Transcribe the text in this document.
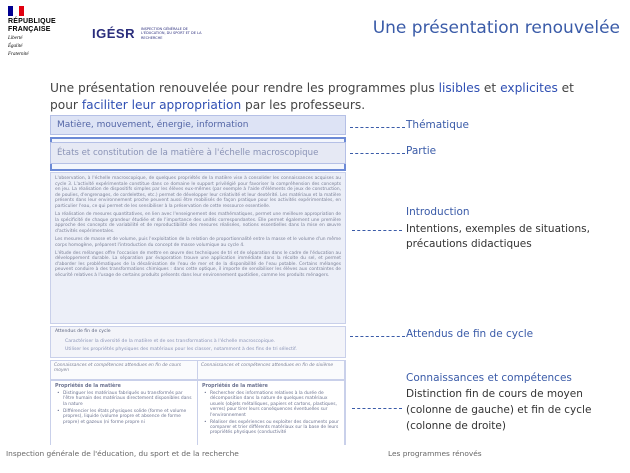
RÉPUBLIQUE
FRANÇAISE
Liberté
Égalité
Fraternité
IGÉSR INSPECTION GÉNÉRALE DE L'ÉDUCATION, DU SPORT ET DE LA RECHERCHE	Une présentation renouvelée
Une présentation renouvelée pour rendre les programmes plus lisibles et explicites et pour faciliter leur appropriation par les professeurs.
Matière, mouvement, énergie, information
États et constitution de la matière à l'échelle macroscopique

L'observation, à l'échelle macroscopique, de quelques propriétés de la matière vise à consolider les connaissances acquises au cycle 3. L'activité expérimentale constitue dans ce domaine le support privilégié pour favoriser la compréhension des concepts en jeu. La réalisation de dispositifs simples par les élèves eux-mêmes (par exemple à l'aide d'éléments de jeux de construction, de poulies, d'engrenages, de cordelettes, etc.) permet de développer leur créativité et leur dextérité. Les matériaux et la matière présents dans leur environnement proche peuvent aussi être mobilisés de façon pratique pour les activités expérimentales, en particulier l'eau, ce qui permet de les sensibiliser à la préservation de cette ressource essentielle.

La réalisation de mesures quantitatives, en lien avec l'enseignement des mathématiques, permet une meilleure appropriation de la spécificité de chaque grandeur étudiée et de l'importance des unités correspondantes. Elle permet également une première approche des concepts de variabilité et de reproductibilité des mesures réalisées, notions essentielles dans la mise en œuvre d'activités expérimentales.

Les mesures de masse et de volume, puis l'exploitation de la relation de proportionnalité entre la masse et le volume d'un même corps homogène, préparent l'introduction du concept de masse volumique au cycle 4.

L'étude des mélanges offre l'occasion de mettre en œuvre des techniques de tri et de séparation dans le cadre de l'éducation au développement durable. La séparation par évaporation trouve une application immédiate dans la récolte du sel, et permet d'aborder les problématiques de la désalinisation de l'eau de mer et de la disponibilité de l'eau potable. Certains mélanges peuvent conduire à des transformations chimiques : dans cette optique, il importe de sensibiliser les élèves aux contraintes de sécurité relatives à l'usage de certains produits présents dans leur environnement quotidien, comme les produits ménagers.

Attendus de fin de cycle
Caractériser la diversité de la matière et de ses transformations à l'échelle macroscopique.
Utiliser les propriétés physiques des matériaux pour les classer, notamment à des fins de tri sélectif.
Connaissances et compétences attendues en fin de cours moyen
Connaissances et compétences attendues en fin de sixième
Propriétés de la matière
• Distinguer les matériaux fabriqués ou transformés par l'être humain des matériaux directement disponibles dans la nature
• Différencier les états physiques solide (forme et volume propres), liquide (volume propre et absence de forme propre) et gazeux (ni forme propre ni
Propriétés de la matière
• Rechercher des informations relatives à la durée de décomposition dans la nature de quelques matériaux usuels (objets métalliques, papiers et cartons, plastiques, verres) pour tirer leurs conséquences éventuelles sur l'environnement
• Réaliser des expériences ou exploiter des documents pour comparer et trier différents matériaux sur la base de leurs propriétés physiques (conductivité
Thématique
Partie
Introduction
Intentions, exemples de situations,
précautions didactiques
Attendus de fin de cycle
Connaissances et compétences
Distinction fin de cours de moyen
(colonne de gauche) et fin de cycle
(colonne de droite)
Inspection générale de l'éducation, du sport et de la recherche	Les programmes rénovés
